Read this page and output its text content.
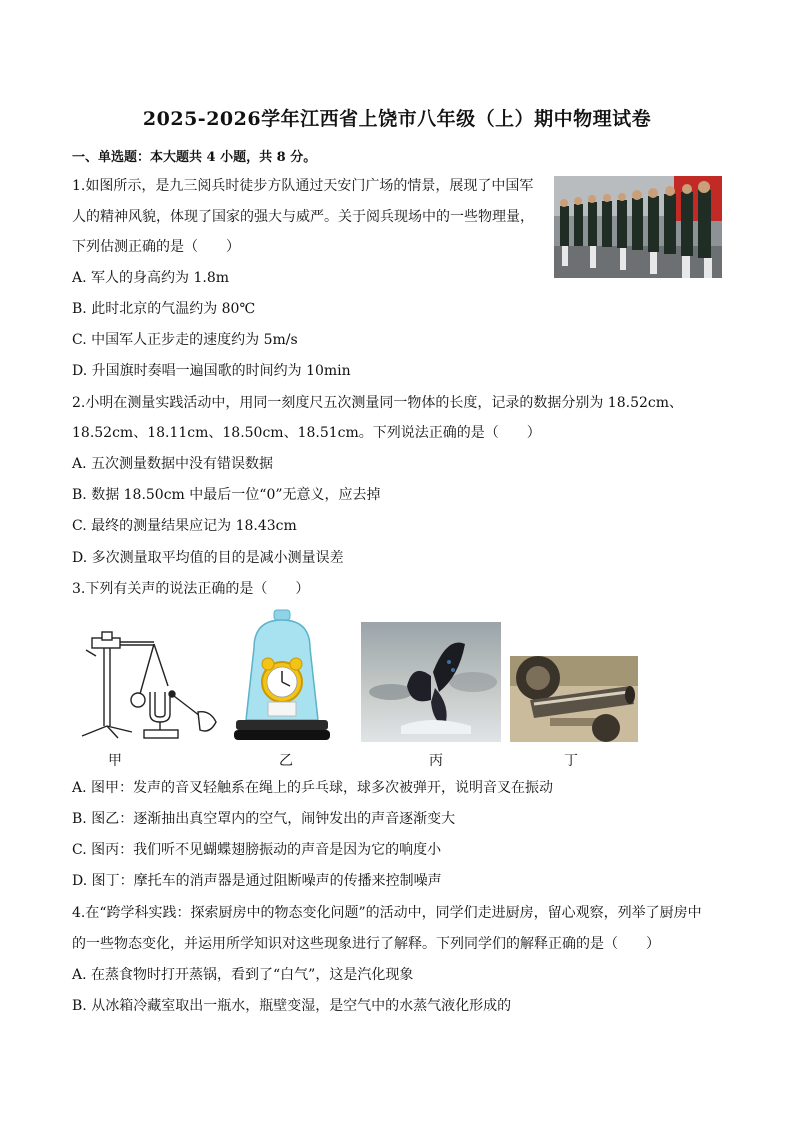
2025-2026学年江西省上饶市八年级（上）期中物理试卷
一、单选题：本大题共 4 小题，共 8 分。
1.如图所示，是九三阅兵时徒步方队通过天安门广场的情景，展现了中国军
人的精神风貌，体现了国家的强大与威严。关于阅兵现场中的一些物理量，
下列估测正确的是（　　）
A. 军人的身高约为 1.8m
B. 此时北京的气温约为 80℃
C. 中国军人正步走的速度约为 5m/s
D. 升国旗时奏唱一遍国歌的时间约为 10min
2.小明在测量实践活动中，用同一刻度尺五次测量同一物体的长度，记录的数据分别为 18.52cm、
18.52cm、18.11cm、18.50cm、18.51cm。下列说法正确的是（　　）
A. 五次测量数据中没有错误数据
B. 数据 18.50cm 中最后一位“0”无意义，应去掉
C. 最终的测量结果应记为 18.43cm
D. 多次测量取平均值的目的是减小测量误差
3.下列有关声的说法正确的是（　　）
甲	乙	丙	丁
A. 图甲：发声的音叉轻触系在绳上的乒乓球，球多次被弹开，说明音叉在振动
B. 图乙：逐渐抽出真空罩内的空气，闹钟发出的声音逐渐变大
C. 图丙：我们听不见蝴蝶翅膀振动的声音是因为它的响度小
D. 图丁：摩托车的消声器是通过阻断噪声的传播来控制噪声
4.在“跨学科实践：探索厨房中的物态变化问题”的活动中，同学们走进厨房，留心观察，列举了厨房中
的一些物态变化，并运用所学知识对这些现象进行了解释。下列同学们的解释正确的是（　　）
A. 在蒸食物时打开蒸锅，看到了“白气”，这是汽化现象
B. 从冰箱冷藏室取出一瓶水，瓶壁变湿，是空气中的水蒸气液化形成的
